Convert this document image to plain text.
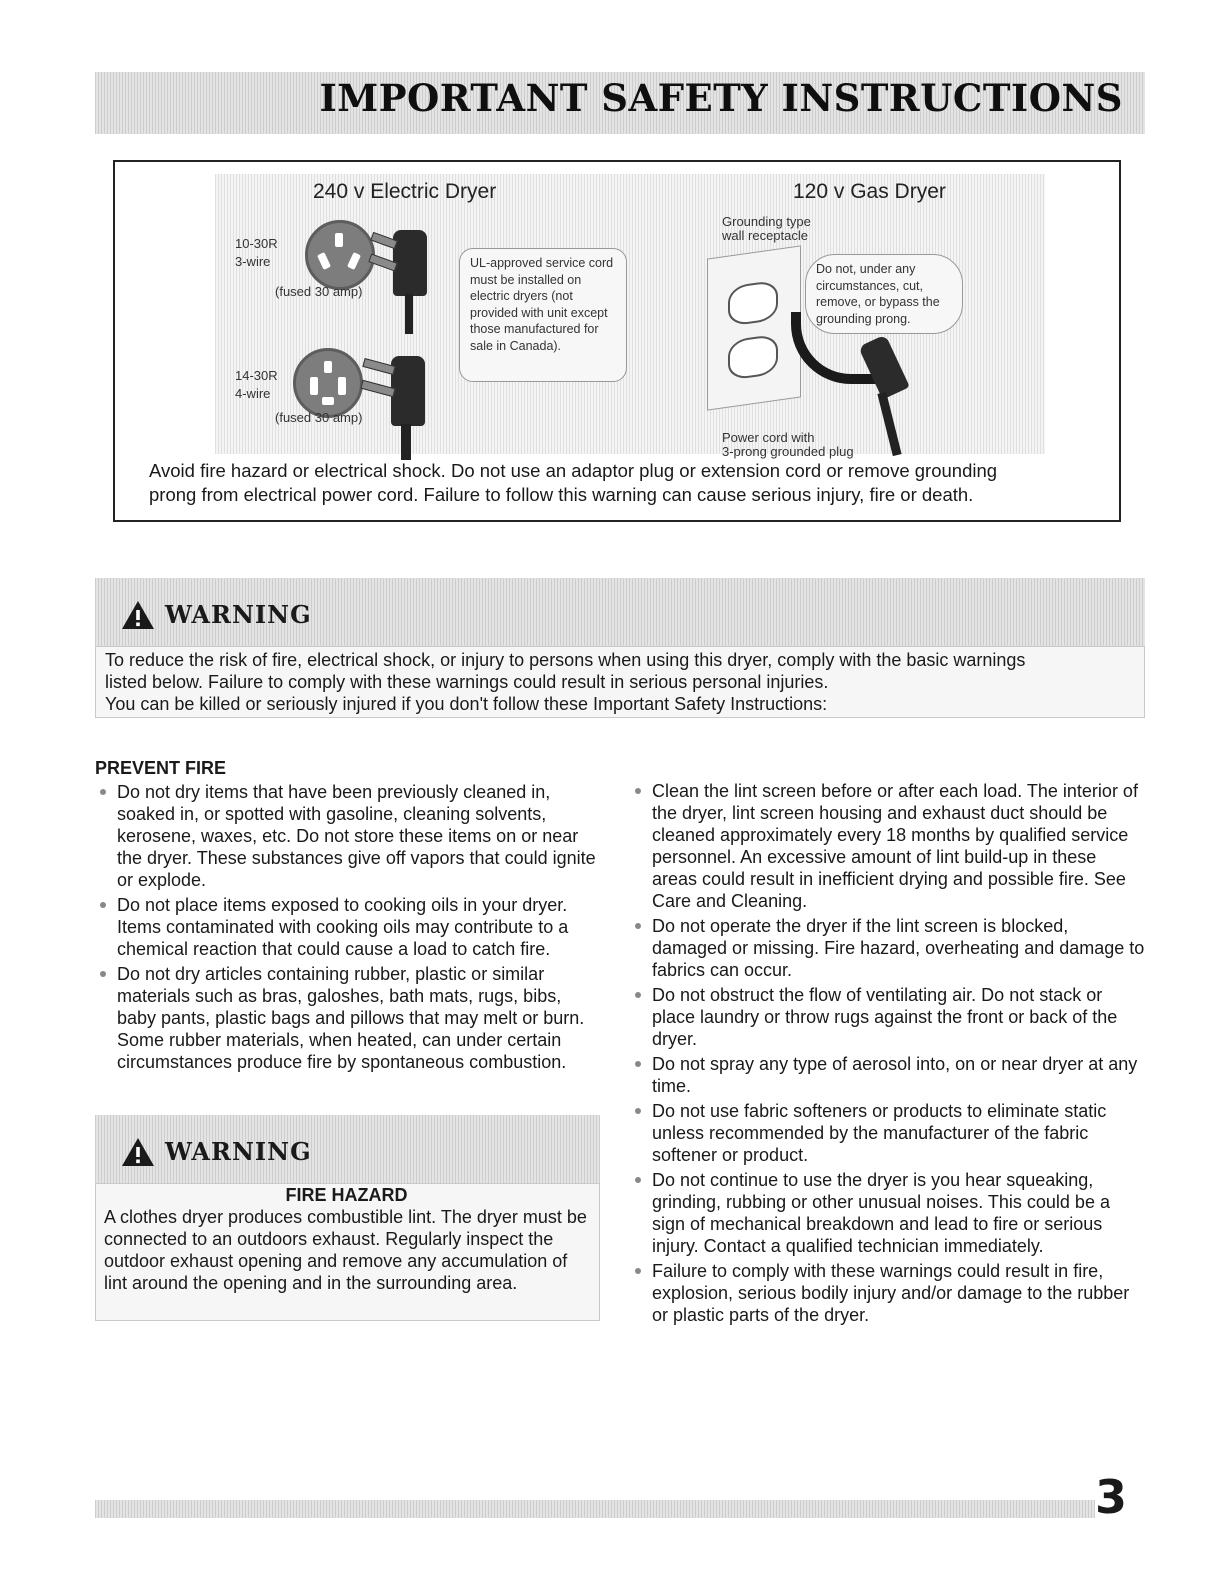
IMPORTANT SAFETY INSTRUCTIONS
240 v Electric Dryer	120 v Gas Dryer
10-30R
3-wire
(fused 30 amp)
14-30R
4-wire
(fused 30 amp)
UL-approved service cord must be installed on electric dryers (not provided with unit except those manufactured for sale in Canada).
Grounding type
wall receptacle
Do not, under any circumstances, cut, remove, or bypass the grounding prong.
Power cord with
3-prong grounded plug
Avoid fire hazard or electrical shock. Do not use an adaptor plug or extension cord or remove grounding
prong from electrical power cord. Failure to follow this warning can cause serious injury, fire or death.
WARNING
To reduce the risk of fire, electrical shock, or injury to persons when using this dryer, comply with the basic warnings
listed below. Failure to comply with these warnings could result in serious personal injuries.
You can be killed or seriously injured if you don't follow these Important Safety Instructions:
PREVENT FIRE
Do not dry items that have been previously cleaned in, soaked in, or spotted with gasoline, cleaning solvents, kerosene, waxes, etc. Do not store these items on or near the dryer. These substances give off vapors that could ignite or explode.
Do not place items exposed to cooking oils in your dryer. Items contaminated with cooking oils may contribute to a chemical reaction that could cause a load to catch fire.
Do not dry articles containing rubber, plastic or similar materials such as bras, galoshes, bath mats, rugs, bibs, baby pants, plastic bags and pillows that may melt or burn. Some rubber materials, when heated, can under certain circumstances produce fire by spontaneous combustion.
WARNING
FIRE HAZARD
A clothes dryer produces combustible lint. The dryer must be connected to an outdoors exhaust. Regularly inspect the outdoor exhaust opening and remove any accumulation of lint around the opening and in the surrounding area.
Clean the lint screen before or after each load. The interior of the dryer, lint screen housing and exhaust duct should be cleaned approximately every 18 months by qualified service personnel. An excessive amount of lint build-up in these areas could result in inefficient drying and possible fire. See Care and Cleaning.
Do not operate the dryer if the lint screen is blocked, damaged or missing. Fire hazard, overheating and damage to fabrics can occur.
Do not obstruct the flow of ventilating air. Do not stack or place laundry or throw rugs against the front or back of the dryer.
Do not spray any type of aerosol into, on or near dryer at any time.
Do not use fabric softeners or products to eliminate static unless recommended by the manufacturer of the fabric softener or product.
Do not continue to use the dryer is you hear squeaking, grinding, rubbing or other unusual noises. This could be a sign of mechanical breakdown and lead to fire or serious injury. Contact a qualified technician immediately.
Failure to comply with these warnings could result in fire, explosion, serious bodily injury and/or damage to the rubber or plastic parts of the dryer.
3
